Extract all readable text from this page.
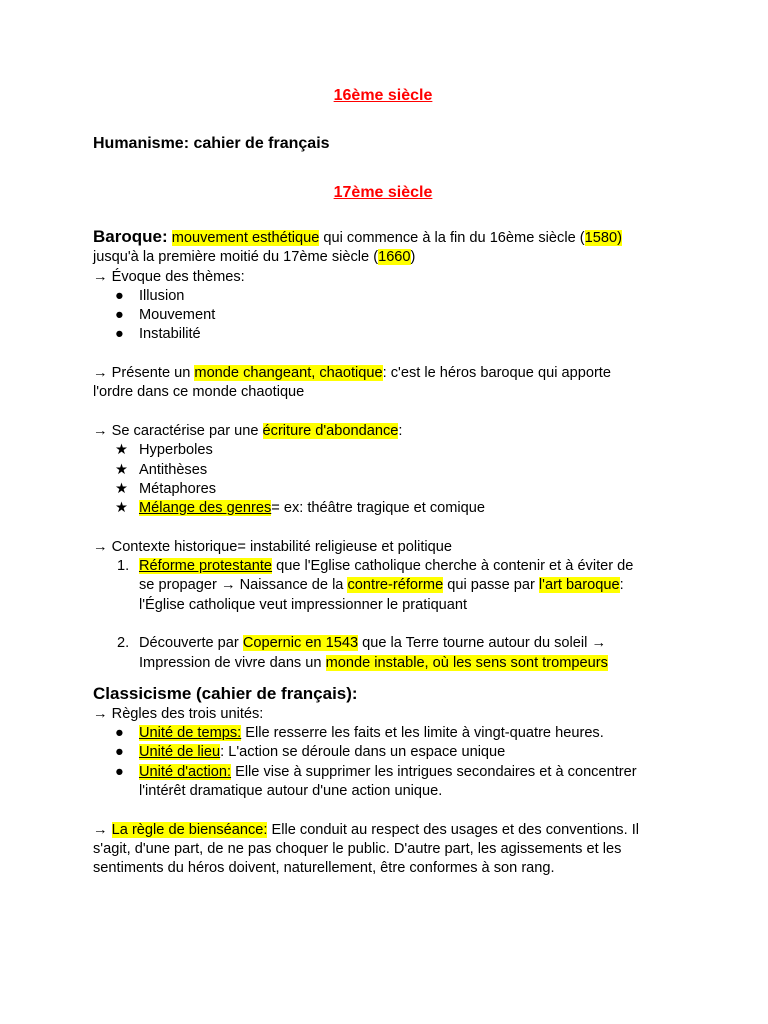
16ème siècle

Humanisme: cahier de français

17ème siècle

Baroque: mouvement esthétique qui commence à la fin du 16ème siècle (1580)

jusqu'à la première moitié du 17ème siècle (1660)

→ Évoque des thèmes:

● Illusion
● Mouvement
● Instabilité

→ Présente un monde changeant, chaotique: c'est le héros baroque qui apporte

l'ordre dans ce monde chaotique

→ Se caractérise par une écriture d'abondance:

★ Hyperboles
★ Antithèses
★ Métaphores
★ Mélange des genres= ex: théâtre tragique et comique

→ Contexte historique= instabilité religieuse et politique

1. Réforme protestante que l'Eglise catholique cherche à contenir et à éviter de
se propager → Naissance de la contre-réforme qui passe par l'art baroque:
l'Église catholique veut impressionner le pratiquant
2. Découverte par Copernic en 1543 que la Terre tourne autour du soleil →
Impression de vivre dans un monde instable, où les sens sont trompeurs

Classicisme (cahier de français):

→ Règles des trois unités:

● Unité de temps: Elle resserre les faits et les limite à vingt-quatre heures.
● Unité de lieu: L'action se déroule dans un espace unique
● Unité d'action: Elle vise à supprimer les intrigues secondaires et à concentrer
l'intérêt dramatique autour d'une action unique.

→ La règle de bienséance: Elle conduit au respect des usages et des conventions. Il

s'agit, d'une part, de ne pas choquer le public. D'autre part, les agissements et les

sentiments du héros doivent, naturellement, être conformes à son rang.
